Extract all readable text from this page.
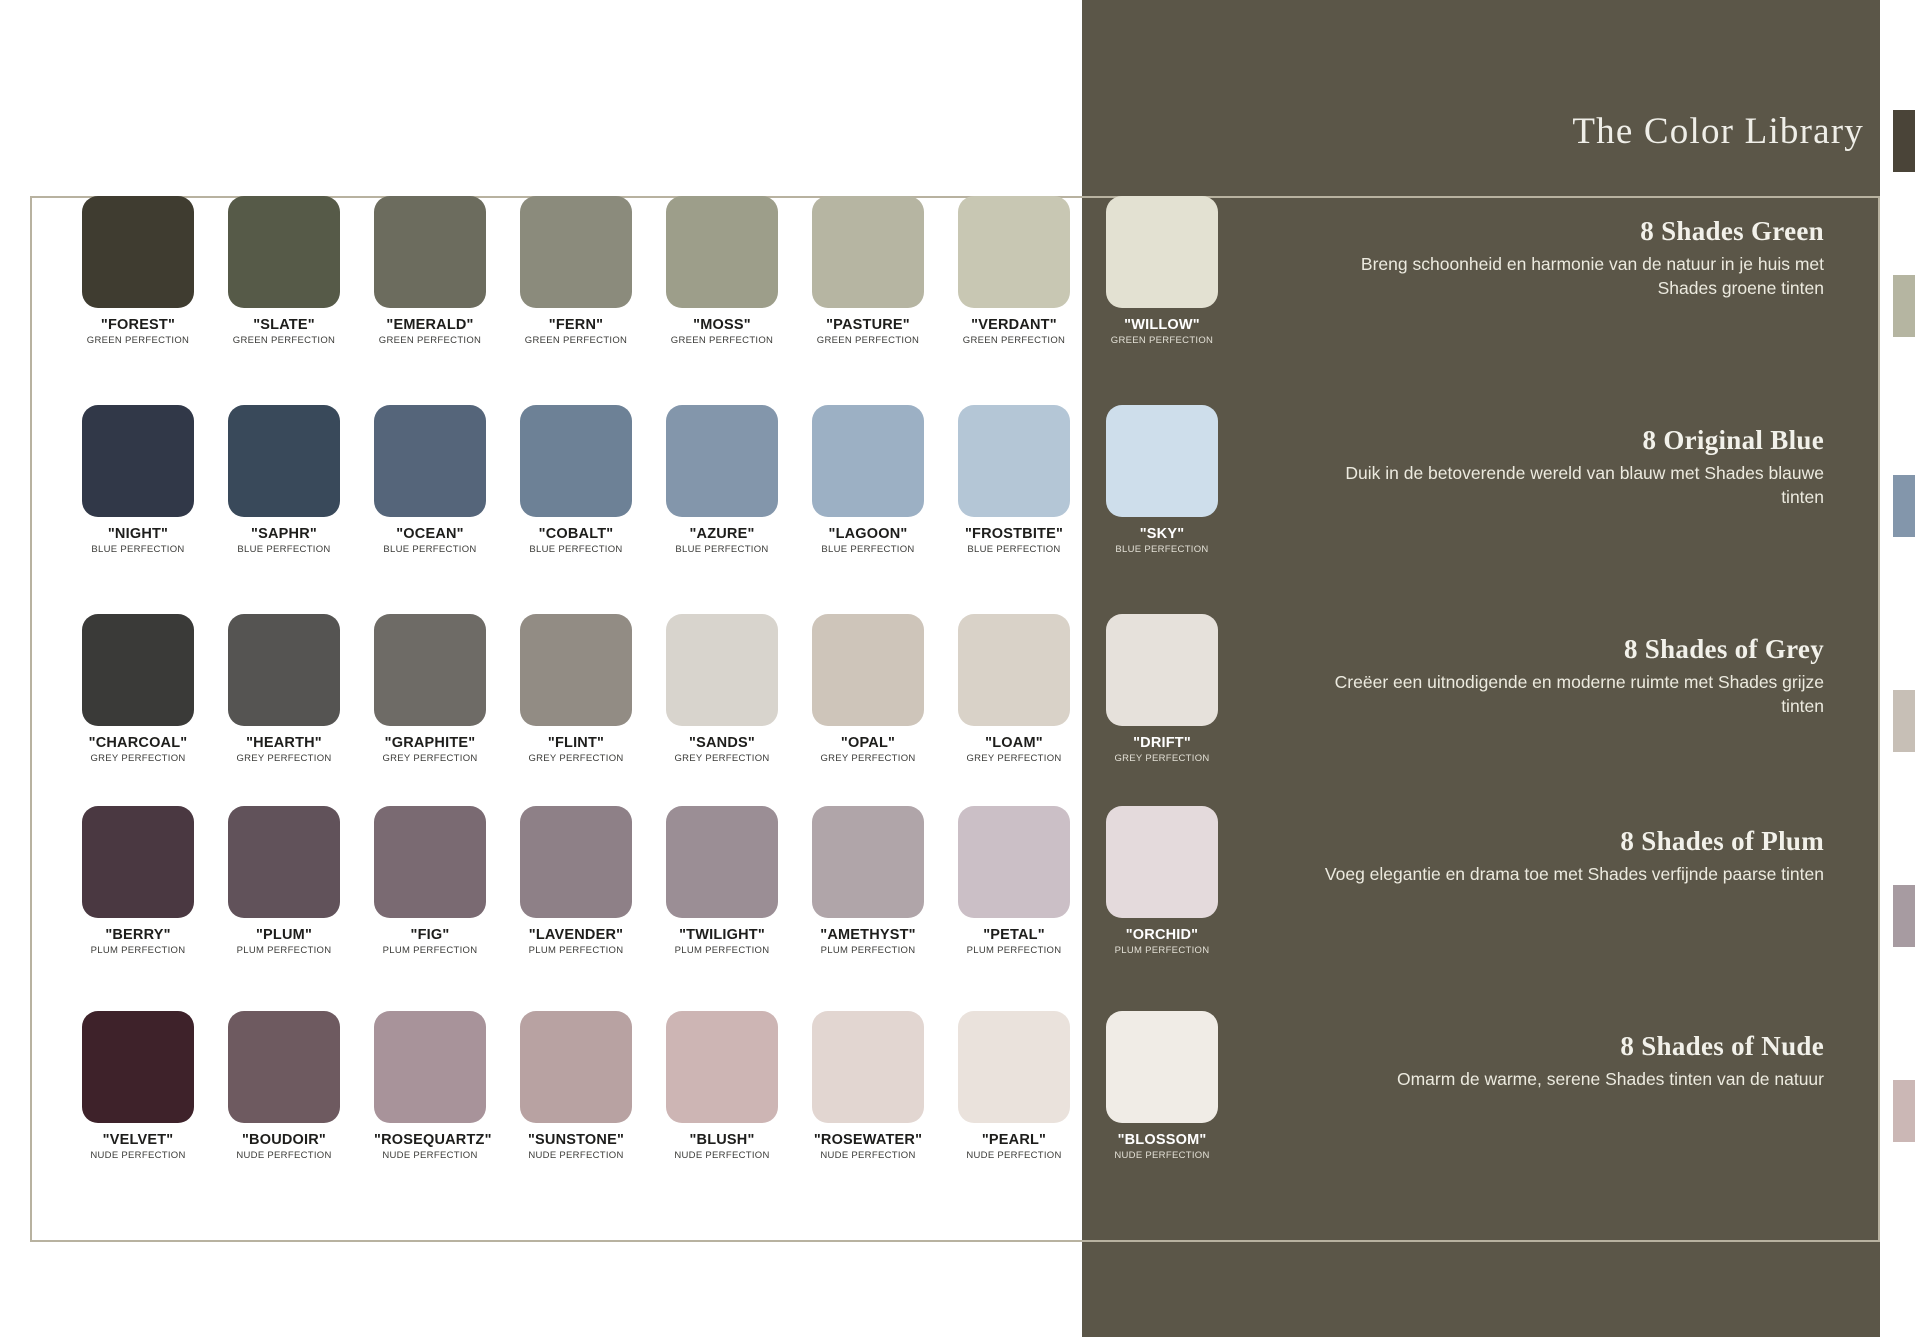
The Color Library
"FOREST"
GREEN PERFECTION
"SLATE"
GREEN PERFECTION
"EMERALD"
GREEN PERFECTION
"FERN"
GREEN PERFECTION
"MOSS"
GREEN PERFECTION
"PASTURE"
GREEN PERFECTION
"VERDANT"
GREEN PERFECTION
"WILLOW"
GREEN PERFECTION
8 Shades Green

Breng schoonheid en harmonie van de natuur in je huis met Shades groene tinten

"NIGHT"
BLUE PERFECTION
"SAPHR"
BLUE PERFECTION
"OCEAN"
BLUE PERFECTION
"COBALT"
BLUE PERFECTION
"AZURE"
BLUE PERFECTION
"LAGOON"
BLUE PERFECTION
"FROSTBITE"
BLUE PERFECTION
"SKY"
BLUE PERFECTION
8 Original Blue

Duik in de betoverende wereld van blauw met Shades blauwe tinten

"CHARCOAL"
GREY PERFECTION
"HEARTH"
GREY PERFECTION
"GRAPHITE"
GREY PERFECTION
"FLINT"
GREY PERFECTION
"SANDS"
GREY PERFECTION
"OPAL"
GREY PERFECTION
"LOAM"
GREY PERFECTION
"DRIFT"
GREY PERFECTION
8 Shades of Grey

Creëer een uitnodigende en moderne ruimte met Shades grijze tinten

"BERRY"
PLUM PERFECTION
"PLUM"
PLUM PERFECTION
"FIG"
PLUM PERFECTION
"LAVENDER"
PLUM PERFECTION
"TWILIGHT"
PLUM PERFECTION
"AMETHYST"
PLUM PERFECTION
"PETAL"
PLUM PERFECTION
"ORCHID"
PLUM PERFECTION
8 Shades of Plum

Voeg elegantie en drama toe met Shades verfijnde paarse tinten

"VELVET"
NUDE PERFECTION
"BOUDOIR"
NUDE PERFECTION
"ROSEQUARTZ"
NUDE PERFECTION
"SUNSTONE"
NUDE PERFECTION
"BLUSH"
NUDE PERFECTION
"ROSEWATER"
NUDE PERFECTION
"PEARL"
NUDE PERFECTION
"BLOSSOM"
NUDE PERFECTION
8 Shades of Nude

Omarm de warme, serene Shades tinten van de natuur
